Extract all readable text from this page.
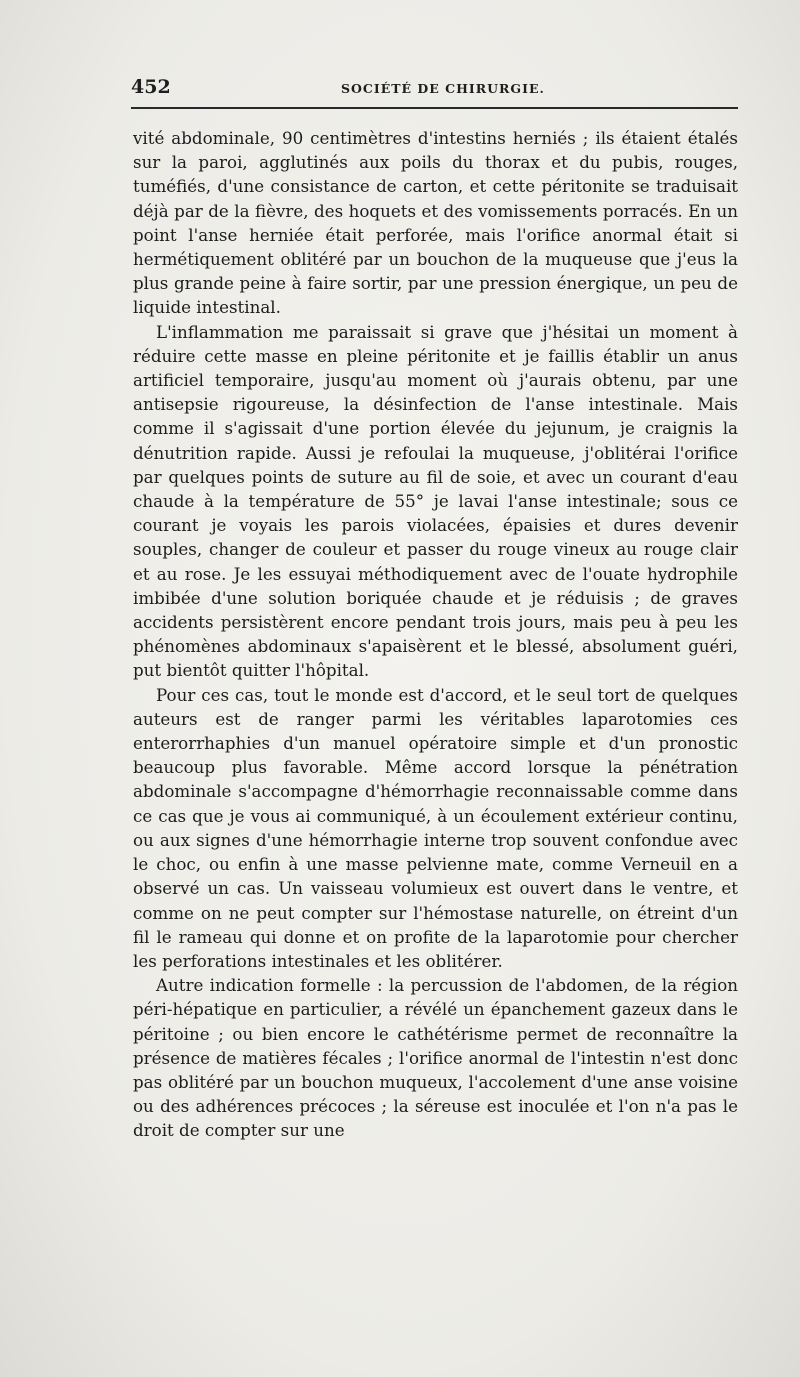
452	SOCIÉTÉ DE CHIRURGIE.

vité abdominale, 90 centimètres d'intestins herniés ; ils étaient étalés sur la paroi, agglutinés aux poils du thorax et du pubis, rouges, tuméfiés, d'une consistance de carton, et cette péritonite se traduisait déjà par de la fièvre, des hoquets et des vomissements porracés. En un point l'anse herniée était perforée, mais l'orifice anormal était si hermétiquement oblitéré par un bouchon de la muqueuse que j'eus la plus grande peine à faire sortir, par une pression énergique, un peu de liquide intestinal.

L'inflammation me paraissait si grave que j'hésitai un moment à réduire cette masse en pleine péritonite et je faillis établir un anus artificiel temporaire, jusqu'au moment où j'aurais obtenu, par une antisepsie rigoureuse, la désinfection de l'anse intestinale. Mais comme il s'agissait d'une portion élevée du jejunum, je craignis la dénutrition rapide. Aussi je refoulai la muqueuse, j'oblitérai l'orifice par quelques points de suture au fil de soie, et avec un courant d'eau chaude à la température de 55° je lavai l'anse intestinale; sous ce courant je voyais les parois violacées, épaisies et dures devenir souples, changer de couleur et passer du rouge vineux au rouge clair et au rose. Je les essuyai méthodiquement avec de l'ouate hydrophile imbibée d'une solution boriquée chaude et je réduisis ; de graves accidents persistèrent encore pendant trois jours, mais peu à peu les phénomènes abdominaux s'apaisèrent et le blessé, absolument guéri, put bientôt quitter l'hôpital.

Pour ces cas, tout le monde est d'accord, et le seul tort de quelques auteurs est de ranger parmi les véritables laparotomies ces enterorrhaphies d'un manuel opératoire simple et d'un pronostic beaucoup plus favorable. Même accord lorsque la pénétration abdominale s'accompagne d'hémorrhagie reconnaissable comme dans ce cas que je vous ai communiqué, à un écoulement extérieur continu, ou aux signes d'une hémorrhagie interne trop souvent confondue avec le choc, ou enfin à une masse pelvienne mate, comme Verneuil en a observé un cas. Un vaisseau volumieux est ouvert dans le ventre, et comme on ne peut compter sur l'hémostase naturelle, on étreint d'un fil le rameau qui donne et on profite de la laparotomie pour chercher les perforations intestinales et les oblitérer.

Autre indication formelle : la percussion de l'abdomen, de la région péri-hépatique en particulier, a révélé un épanchement gazeux dans le péritoine ; ou bien encore le cathétérisme permet de reconnaître la présence de matières fécales ; l'orifice anormal de l'intestin n'est donc pas oblitéré par un bouchon muqueux, l'accolement d'une anse voisine ou des adhérences précoces ; la séreuse est inoculée et l'on n'a pas le droit de compter sur une
